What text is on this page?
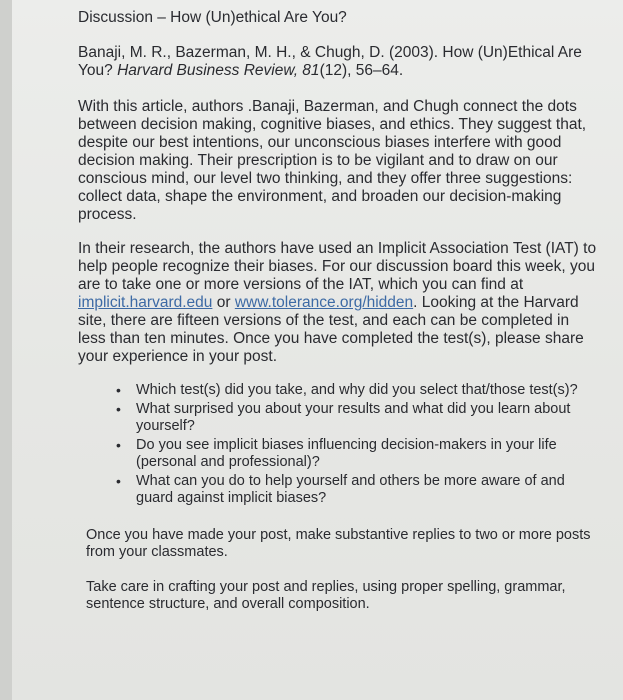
Discussion – How (Un)ethical Are You?
Banaji, M. R., Bazerman, M. H., & Chugh, D. (2003). How (Un)Ethical Are You? Harvard Business Review, 81(12), 56–64.
With this article, authors .Banaji, Bazerman, and Chugh connect the dots between decision making, cognitive biases, and ethics. They suggest that, despite our best intentions, our unconscious biases interfere with good decision making. Their prescription is to be vigilant and to draw on our conscious mind, our level two thinking, and they offer three suggestions: collect data, shape the environment, and broaden our decision-making process.
In their research, the authors have used an Implicit Association Test (IAT) to help people recognize their biases. For our discussion board this week, you are to take one or more versions of the IAT, which you can find at implicit.harvard.edu or www.tolerance.org/hidden. Looking at the Harvard site, there are fifteen versions of the test, and each can be completed in less than ten minutes. Once you have completed the test(s), please share your experience in your post.
• Which test(s) did you take, and why did you select that/those test(s)?
• What surprised you about your results and what did you learn about yourself?
• Do you see implicit biases influencing decision-makers in your life (personal and professional)?
• What can you do to help yourself and others be more aware of and guard against implicit biases?
Once you have made your post, make substantive replies to two or more posts from your classmates.
Take care in crafting your post and replies, using proper spelling, grammar, sentence structure, and overall composition.
